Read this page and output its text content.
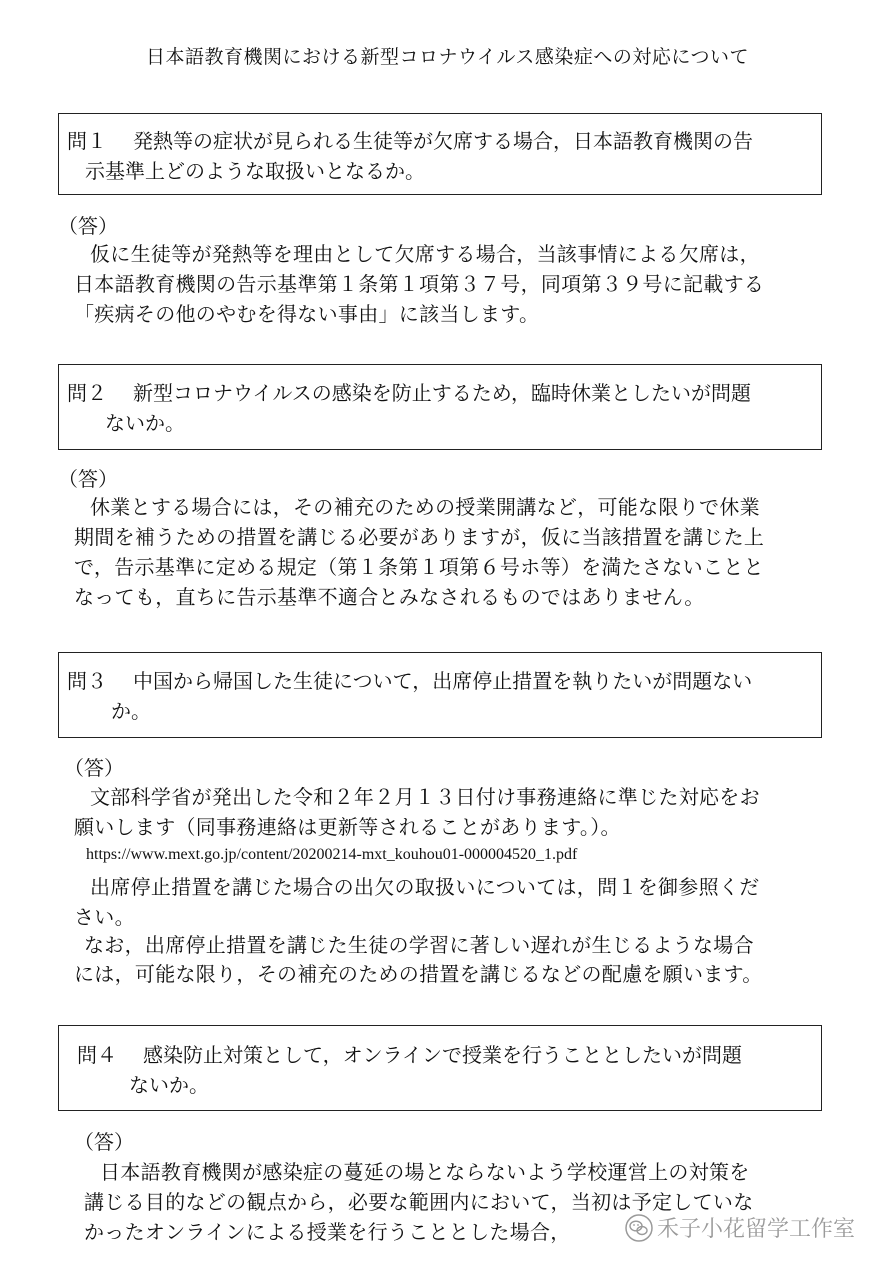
日本語教育機関における新型コロナウイルス感染症への対応について
問１ 発熱等の症状が見られる生徒等が欠席する場合，日本語教育機関の告
示基準上どのような取扱いとなるか。
（答）
仮に生徒等が発熱等を理由として欠席する場合，当該事情による欠席は，
日本語教育機関の告示基準第１条第１項第３７号，同項第３９号に記載する
「疾病その他のやむを得ない事由」に該当します。
問２ 新型コロナウイルスの感染を防止するため，臨時休業としたいが問題
ないか。
（答）
休業とする場合には，その補充のための授業開講など，可能な限りで休業
期間を補うための措置を講じる必要がありますが，仮に当該措置を講じた上
で，告示基準に定める規定（第１条第１項第６号ホ等）を満たさないことと
なっても，直ちに告示基準不適合とみなされるものではありません。
問３ 中国から帰国した生徒について，出席停止措置を執りたいが問題ない
か。
（答）
文部科学省が発出した令和２年２月１３日付け事務連絡に準じた対応をお
願いします（同事務連絡は更新等されることがあります。）。
https://www.mext.go.jp/content/20200214-mxt_kouhou01-000004520_1.pdf
出席停止措置を講じた場合の出欠の取扱いについては，問１を御参照くだ
さい。
なお，出席停止措置を講じた生徒の学習に著しい遅れが生じるような場合
には，可能な限り，その補充のための措置を講じるなどの配慮を願います。
問４ 感染防止対策として，オンラインで授業を行うこととしたいが問題
ないか。
（答）
日本語教育機関が感染症の蔓延の場とならないよう学校運営上の対策を
講じる目的などの観点から，必要な範囲内において，当初は予定していな
かったオンラインによる授業を行うこととした場合，	禾子小花留学工作室
